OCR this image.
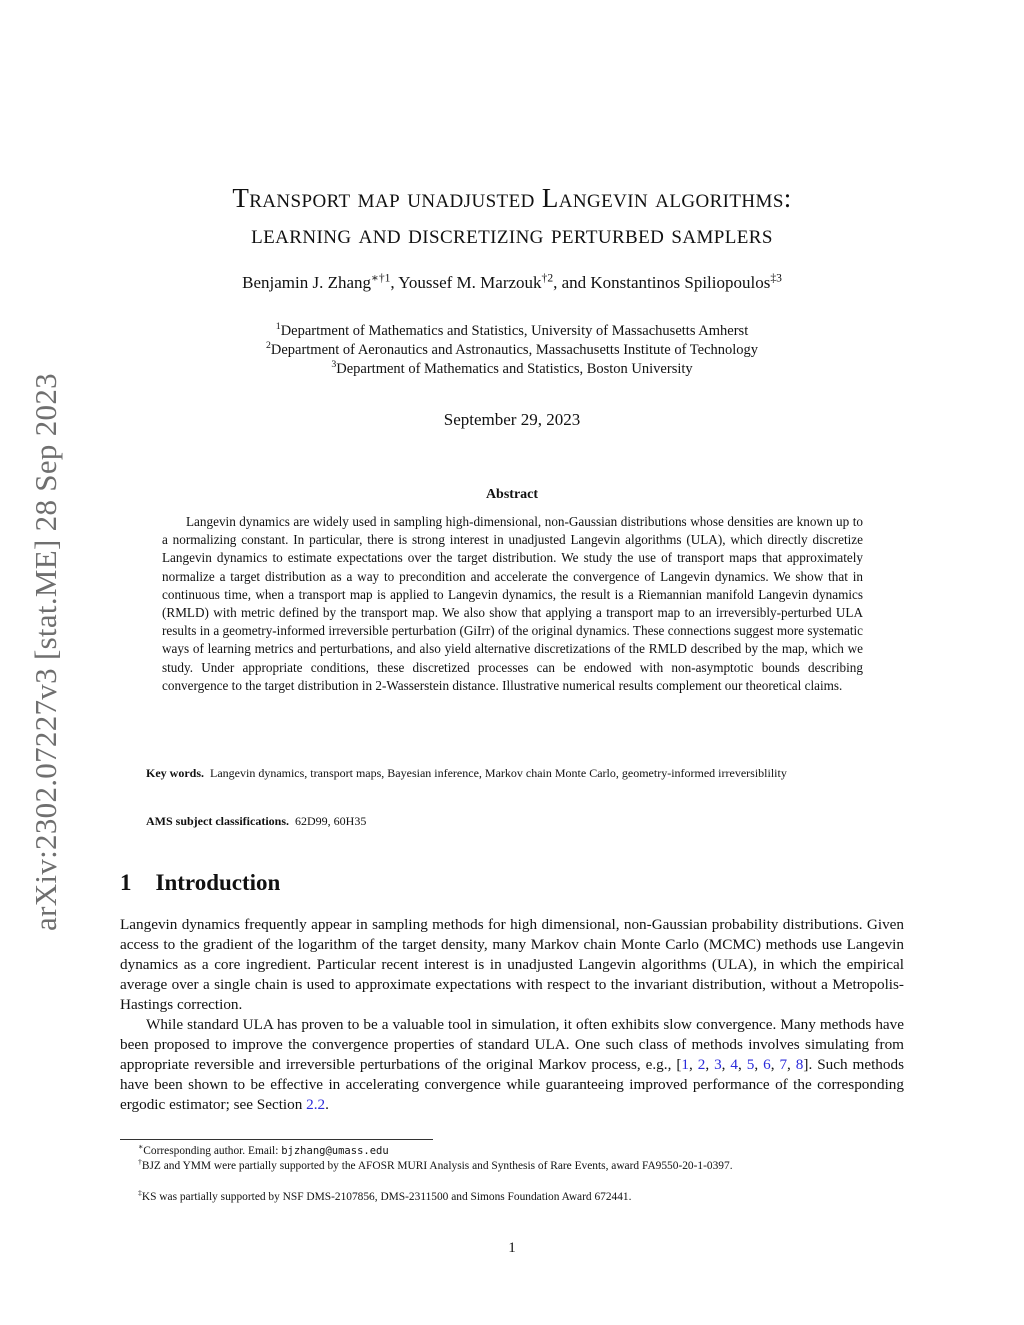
arXiv:2302.07227v3 [stat.ME] 28 Sep 2023
Transport map unadjusted Langevin algorithms:
learning and discretizing perturbed samplers
Benjamin J. Zhang$^{∗\dagger 1}$, Youssef M. Marzouk$^{\dagger 2}$, and Konstantinos Spiliopoulos$^{\ddagger 3}$
$^1$Department of Mathematics and Statistics, University of Massachusetts Amherst
$^2$Department of Aeronautics and Astronautics, Massachusetts Institute of Technology
$^3$Department of Mathematics and Statistics, Boston University
September 29, 2023
Abstract

Langevin dynamics are widely used in sampling high-dimensional, non-Gaussian distributions whose densities are known up to a normalizing constant. In particular, there is strong interest in unadjusted Langevin algorithms (ULA), which directly discretize Langevin dynamics to estimate expectations over the target distribution. We study the use of transport maps that approximately normalize a target distribution as a way to precondition and accelerate the convergence of Langevin dynamics. We show that in continuous time, when a transport map is applied to Langevin dynamics, the result is a Riemannian manifold Langevin dynamics (RMLD) with metric defined by the transport map. We also show that applying a transport map to an irreversibly-perturbed ULA results in a geometry-informed irreversible perturbation (GiIrr) of the original dynamics. These connections suggest more systematic ways of learning metrics and perturbations, and also yield alternative discretizations of the RMLD described by the map, which we study. Under appropriate conditions, these discretized processes can be endowed with non-asymptotic bounds describing convergence to the target distribution in 2-Wasserstein distance. Illustrative numerical results complement our theoretical claims.

Key words. Langevin dynamics, transport maps, Bayesian inference, Markov chain Monte Carlo, geometry-informed irreversiblility

AMS subject classifications. 62D99, 60H35

1 Introduction

Langevin dynamics frequently appear in sampling methods for high dimensional, non-Gaussian probability distributions. Given access to the gradient of the logarithm of the target density, many Markov chain Monte Carlo (MCMC) methods use Langevin dynamics as a core ingredient. Particular recent interest is in unadjusted Langevin algorithms (ULA), in which the empirical average over a single chain is used to approximate expectations with respect to the invariant distribution, without a Metropolis-Hastings correction.

While standard ULA has proven to be a valuable tool in simulation, it often exhibits slow convergence. Many methods have been proposed to improve the convergence properties of standard ULA. One such class of methods involves simulating from appropriate reversible and irreversible perturbations of the original Markov process, e.g., [1, 2, 3, 4, 5, 6, 7, 8]. Such methods have been shown to be effective in accelerating convergence while guaranteeing improved performance of the corresponding ergodic estimator; see Section 2.2.

∗Corresponding author. Email: bjzhang@umass.edu

†BJZ and YMM were partially supported by the AFOSR MURI Analysis and Synthesis of Rare Events, award FA9550-20-1-0397.

‡KS was partially supported by NSF DMS-2107856, DMS-2311500 and Simons Foundation Award 672441.

1
